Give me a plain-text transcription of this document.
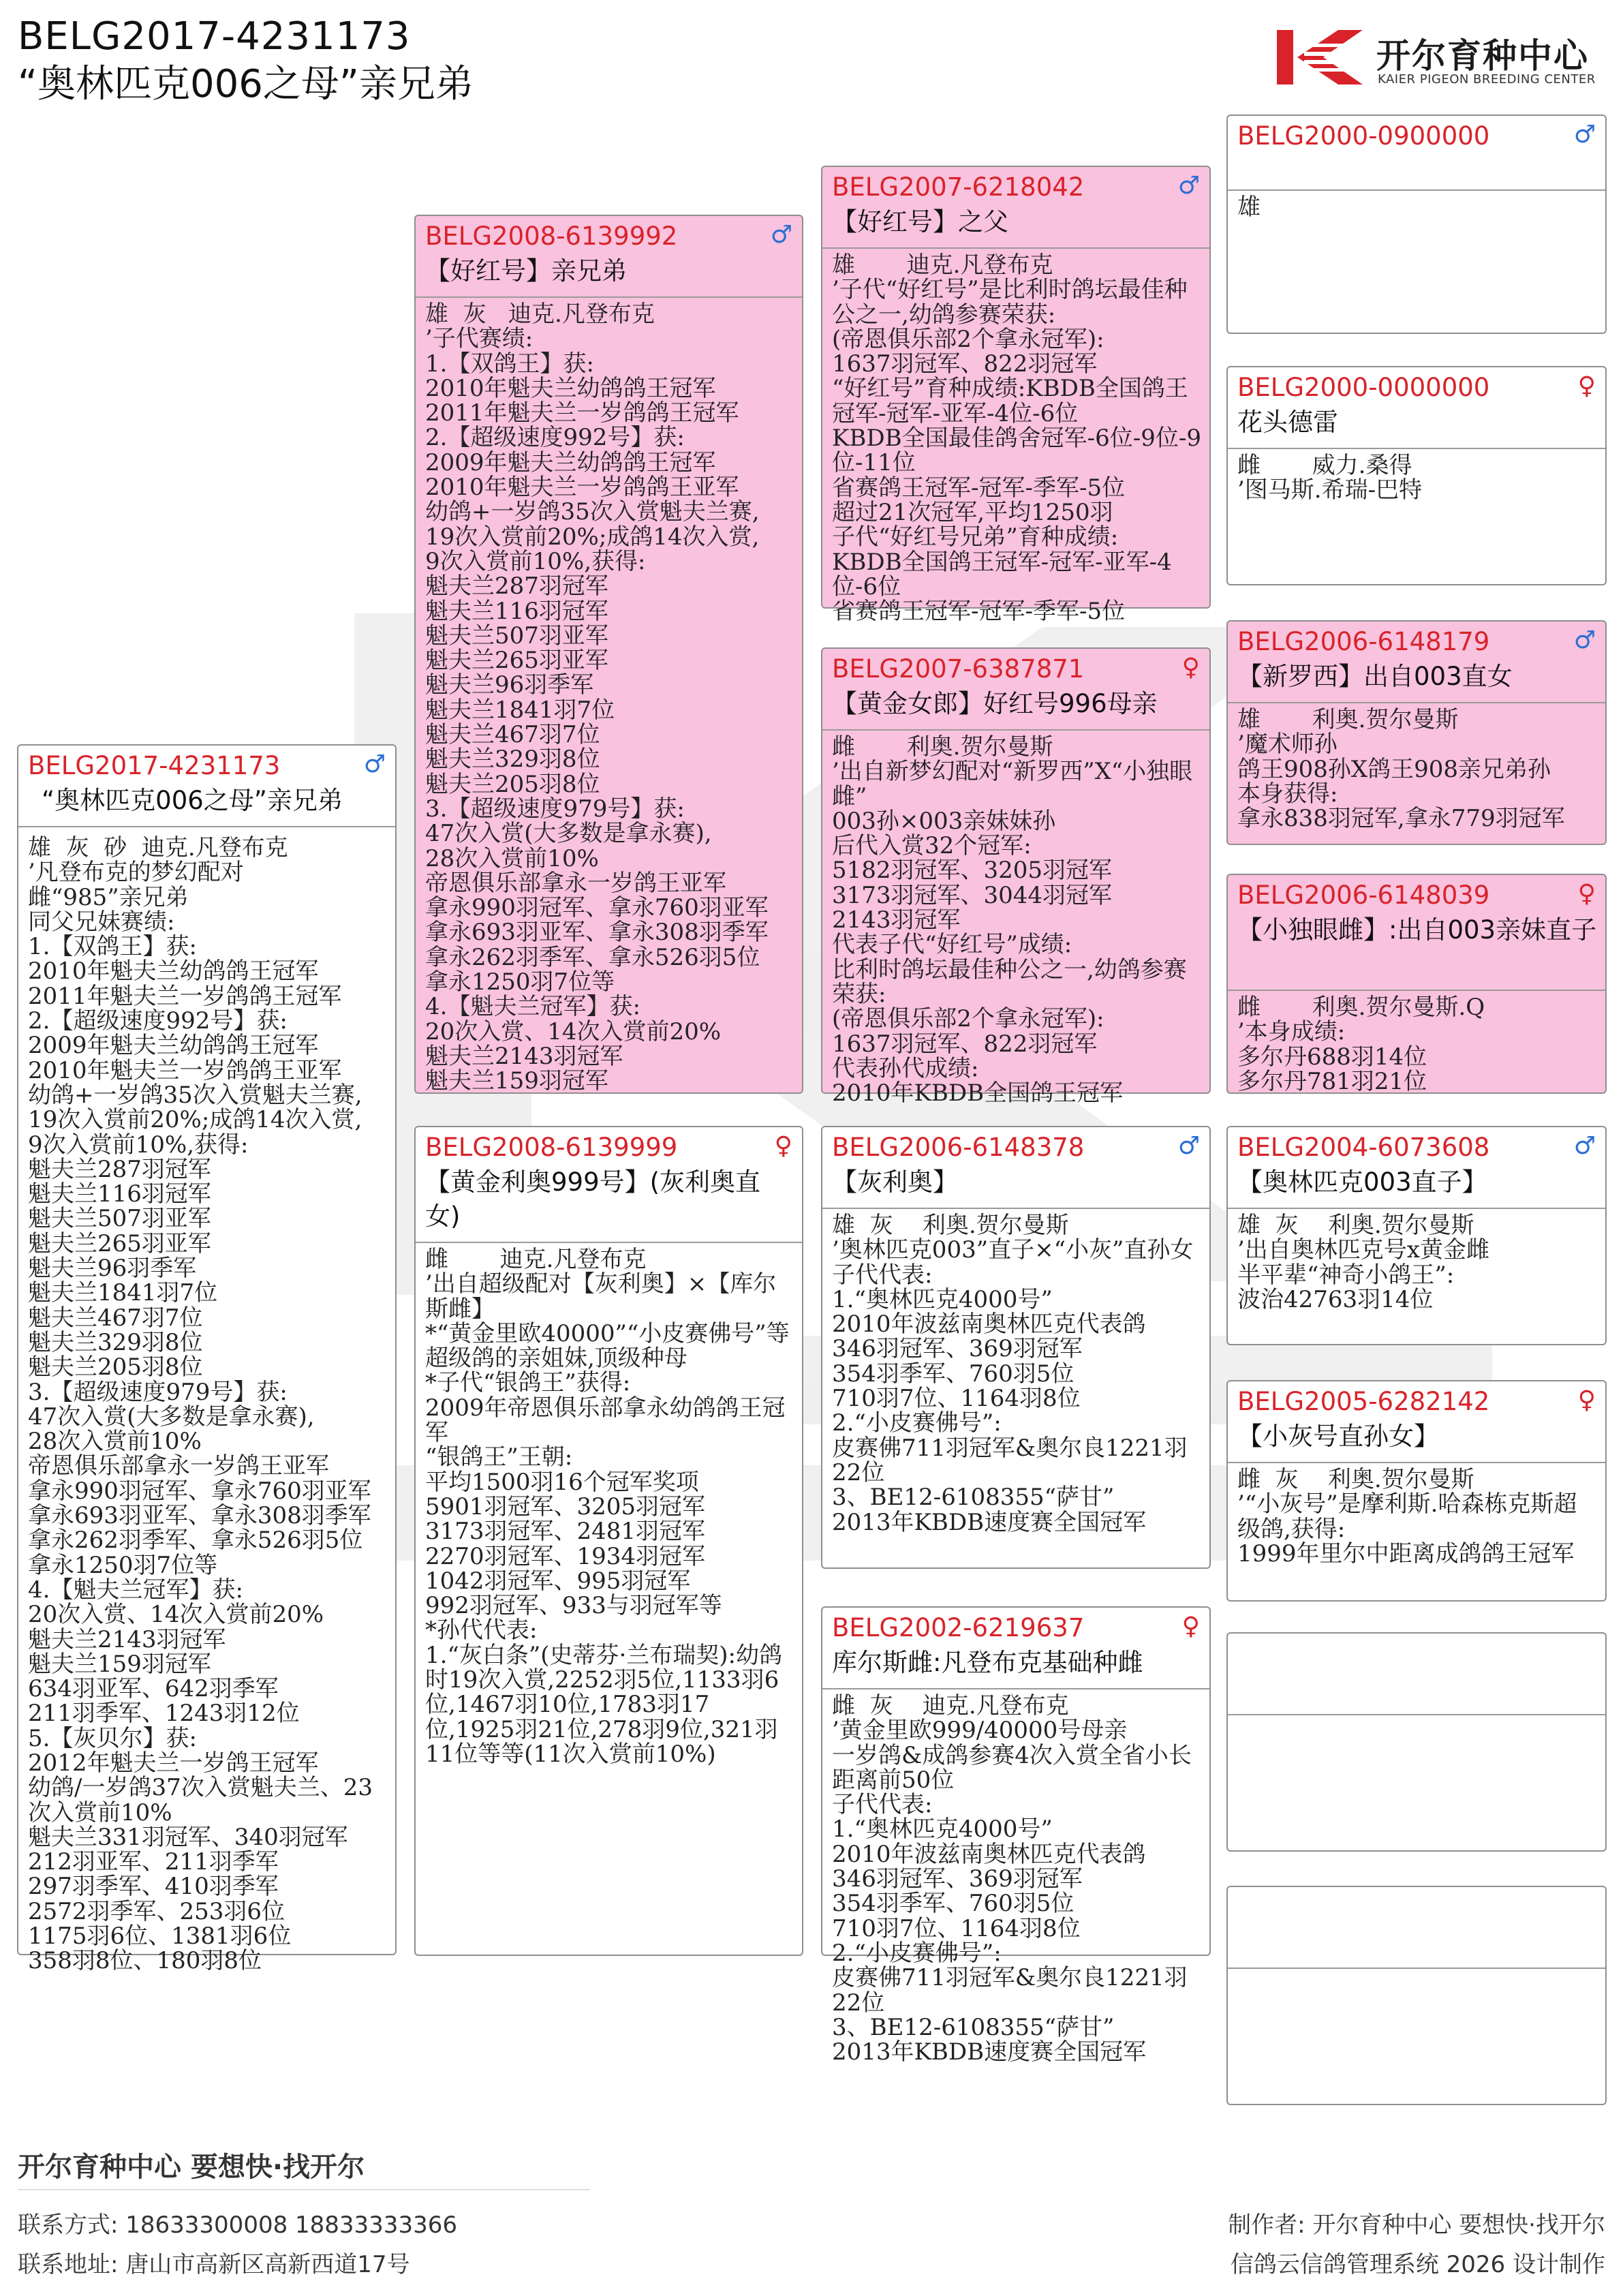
BELG2017-4231173
“奥林匹克006之母”亲兄弟
开尔育种中心
KAIER PIGEON BREEDING CENTER
BELG2017-4231173	♂
“奥林匹克006之母”亲兄弟
雄  灰  砂  迪克.凡登布克
’凡登布克的梦幻配对
雌“985”亲兄弟
同父兄妹赛绩:
1.【双鸽王】获:
2010年魁夫兰幼鸽鸽王冠军
2011年魁夫兰一岁鸽鸽王冠军
2.【超级速度992号】获:
2009年魁夫兰幼鸽鸽王冠军
2010年魁夫兰一岁鸽鸽王亚军
幼鸽+一岁鸽35次入赏魁夫兰赛,
19次入赏前20%;成鸽14次入赏,
9次入赏前10%,获得:
魁夫兰287羽冠军
魁夫兰116羽冠军
魁夫兰507羽亚军
魁夫兰265羽亚军
魁夫兰96羽季军
魁夫兰1841羽7位
魁夫兰467羽7位
魁夫兰329羽8位
魁夫兰205羽8位
3.【超级速度979号】获:
47次入赏(大多数是拿永赛),
28次入赏前10%
帝恩俱乐部拿永一岁鸽王亚军
拿永990羽冠军、拿永760羽亚军
拿永693羽亚军、拿永308羽季军
拿永262羽季军、拿永526羽5位
拿永1250羽7位等
4.【魁夫兰冠军】获:
20次入赏、14次入赏前20%
魁夫兰2143羽冠军
魁夫兰159羽冠军
634羽亚军、642羽季军
211羽季军、1243羽12位
5.【灰贝尔】获:
2012年魁夫兰一岁鸽王冠军
幼鸽/一岁鸽37次入赏魁夫兰、23
次入赏前10%
魁夫兰331羽冠军、340羽冠军
212羽亚军、211羽季军
297羽季军、410羽季军
2572羽季军、253羽6位
1175羽6位、1381羽6位
358羽8位、180羽8位
BELG2008-6139992	♂
【好红号】亲兄弟
雄  灰   迪克.凡登布克
’子代赛绩:
1.【双鸽王】获:
2010年魁夫兰幼鸽鸽王冠军
2011年魁夫兰一岁鸽鸽王冠军
2.【超级速度992号】获:
2009年魁夫兰幼鸽鸽王冠军
2010年魁夫兰一岁鸽鸽王亚军
幼鸽+一岁鸽35次入赏魁夫兰赛,
19次入赏前20%;成鸽14次入赏,
9次入赏前10%,获得:
魁夫兰287羽冠军
魁夫兰116羽冠军
魁夫兰507羽亚军
魁夫兰265羽亚军
魁夫兰96羽季军
魁夫兰1841羽7位
魁夫兰467羽7位
魁夫兰329羽8位
魁夫兰205羽8位
3.【超级速度979号】获:
47次入赏(大多数是拿永赛),
28次入赏前10%
帝恩俱乐部拿永一岁鸽王亚军
拿永990羽冠军、拿永760羽亚军
拿永693羽亚军、拿永308羽季军
拿永262羽季军、拿永526羽5位
拿永1250羽7位等
4.【魁夫兰冠军】获:
20次入赏、14次入赏前20%
魁夫兰2143羽冠军
魁夫兰159羽冠军
BELG2008-6139999	♀
【黄金利奥999号】(灰利奥直女)
雌       迪克.凡登布克
’出自超级配对【灰利奥】×【库尔斯雌】
*“黄金里欧40000”“小皮赛佛号”等超级鸽的亲姐妹,顶级种母
*子代“银鸽王”获得:
2009年帝恩俱乐部拿永幼鸽鸽王冠军
“银鸽王”王朝:
平均1500羽16个冠军奖项
5901羽冠军、3205羽冠军
3173羽冠军、2481羽冠军
2270羽冠军、1934羽冠军
1042羽冠军、995羽冠军
992羽冠军、933与羽冠军等
*孙代代表:
1.“灰白条”(史蒂芬·兰布瑞契):幼鸽时19次入赏,2252羽5位,1133羽6位,1467羽10位,1783羽17位,1925羽21位,278羽9位,321羽11位等等(11次入赏前10%)
BELG2007-6218042	♂
【好红号】之父
雄       迪克.凡登布克
’子代“好红号”是比利时鸽坛最佳种公之一,幼鸽参赛荣获:
(帝恩俱乐部2个拿永冠军):
1637羽冠军、822羽冠军
“好红号”育种成绩:KBDB全国鸽王冠军-冠军-亚军-4位-6位
KBDB全国最佳鸽舍冠军-6位-9位-9位-11位
省赛鸽王冠军-冠军-季军-5位
超过21次冠军,平均1250羽
子代“好红号兄弟”育种成绩:
KBDB全国鸽王冠军-冠军-亚军-4位-6位
省赛鸽王冠军-冠军-季军-5位
BELG2007-6387871	♀
【黄金女郎】好红号996母亲
雌       利奥.贺尔曼斯
’出自新梦幻配对“新罗西”X“小独眼雌”
003孙×003亲妹妹孙
后代入赏32个冠军:
5182羽冠军、3205羽冠军
3173羽冠军、3044羽冠军
2143羽冠军
代表子代“好红号”成绩:
比利时鸽坛最佳种公之一,幼鸽参赛荣获:
(帝恩俱乐部2个拿永冠军):
1637羽冠军、822羽冠军
代表孙代成绩:
2010年KBDB全国鸽王冠军
BELG2006-6148378	♂
【灰利奥】
雄  灰    利奥.贺尔曼斯
’奥林匹克003”直子×“小灰”直孙女
子代代表:
1.“奥林匹克4000号”
2010年波兹南奥林匹克代表鸽
346羽冠军、369羽冠军
354羽季军、760羽5位
710羽7位、1164羽8位
2.“小皮赛佛号”:
皮赛佛711羽冠军&奥尔良1221羽22位
3、BE12-6108355“萨甘”
2013年KBDB速度赛全国冠军
BELG2002-6219637	♀
库尔斯雌:凡登布克基础种雌
雌  灰    迪克.凡登布克
’黄金里欧999/40000号母亲
一岁鸽&成鸽参赛4次入赏全省小长距离前50位
子代代表:
1.“奥林匹克4000号”
2010年波兹南奥林匹克代表鸽
346羽冠军、369羽冠军
354羽季军、760羽5位
710羽7位、1164羽8位
2.“小皮赛佛号”:
皮赛佛711羽冠军&奥尔良1221羽22位
3、BE12-6108355“萨甘”
2013年KBDB速度赛全国冠军
BELG2000-0900000	♂
雄
BELG2000-0000000	♀
花头德雷
雌       威力.桑得
’图马斯.希瑞-巴特
BELG2006-6148179	♂
【新罗西】出自003直女
雄       利奥.贺尔曼斯
’魔术师孙
鸽王908孙X鸽王908亲兄弟孙
本身获得:
拿永838羽冠军,拿永779羽冠军
BELG2006-6148039	♀
【小独眼雌】:出自003亲妹直子
雌       利奥.贺尔曼斯.Q
’本身成绩:
多尔丹688羽14位
多尔丹781羽21位
BELG2004-6073608	♂
【奥林匹克003直子】
雄  灰    利奥.贺尔曼斯
’出自奥林匹克号x黄金雌
半平辈“神奇小鸽王”:
波治42763羽14位
BELG2005-6282142	♀
【小灰号直孙女】
雌  灰    利奥.贺尔曼斯
’“小灰号”是摩利斯.哈森栋克斯超级鸽,获得:
1999年里尔中距离成鸽鸽王冠军
开尔育种中心 要想快·找开尔
联系方式: 18633300008 18833333366
联系地址: 唐山市高新区高新西道17号
制作者: 开尔育种中心 要想快·找开尔
信鸽云信鸽管理系统 2026 设计制作
